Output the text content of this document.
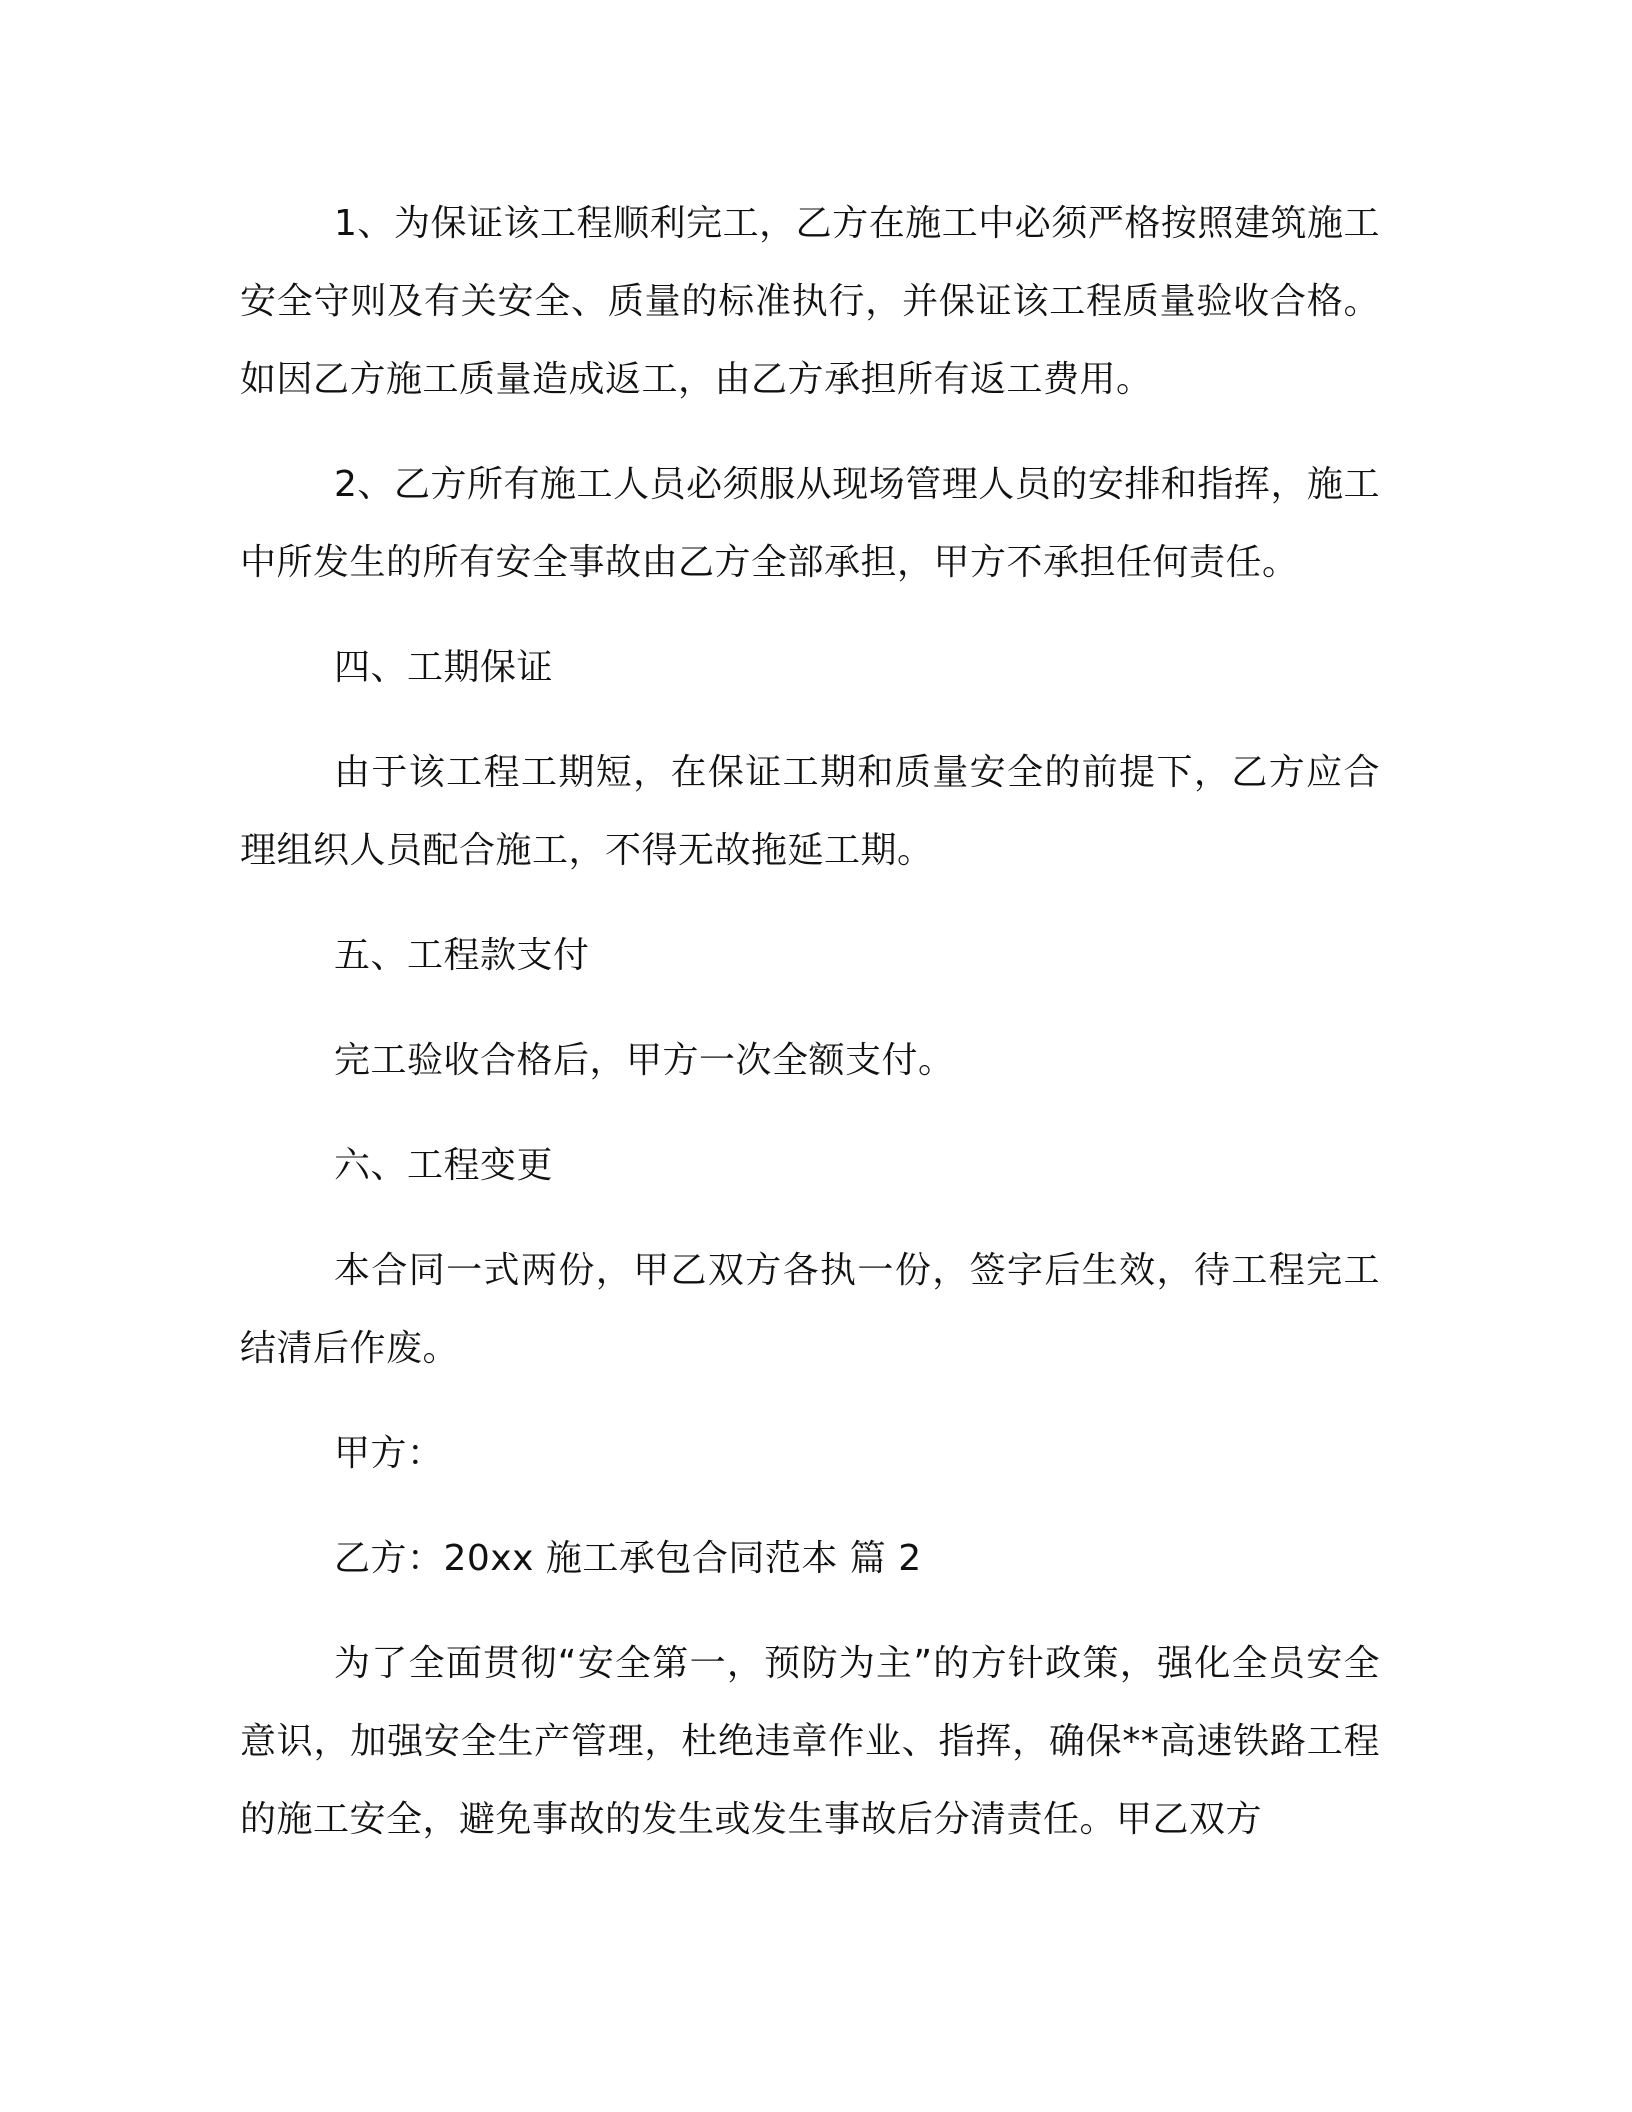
1、为保证该工程顺利完工，乙方在施工中必须严格按照建筑施工安全守则及有关安全、质量的标准执行，并保证该工程质量验收合格。如因乙方施工质量造成返工，由乙方承担所有返工费用。

2、乙方所有施工人员必须服从现场管理人员的安排和指挥，施工中所发生的所有安全事故由乙方全部承担，甲方不承担任何责任。

四、工期保证

由于该工程工期短，在保证工期和质量安全的前提下，乙方应合理组织人员配合施工，不得无故拖延工期。

五、工程款支付

完工验收合格后，甲方一次全额支付。

六、工程变更

本合同一式两份，甲乙双方各执一份，签字后生效，待工程完工结清后作废。

甲方：

乙方：20xx 施工承包合同范本 篇 2

为了全面贯彻“安全第一，预防为主”的方针政策，强化全员安全意识，加强安全生产管理，杜绝违章作业、指挥，确保**高速铁路工程的施工安全，避免事故的发生或发生事故后分清责任。甲乙双方
